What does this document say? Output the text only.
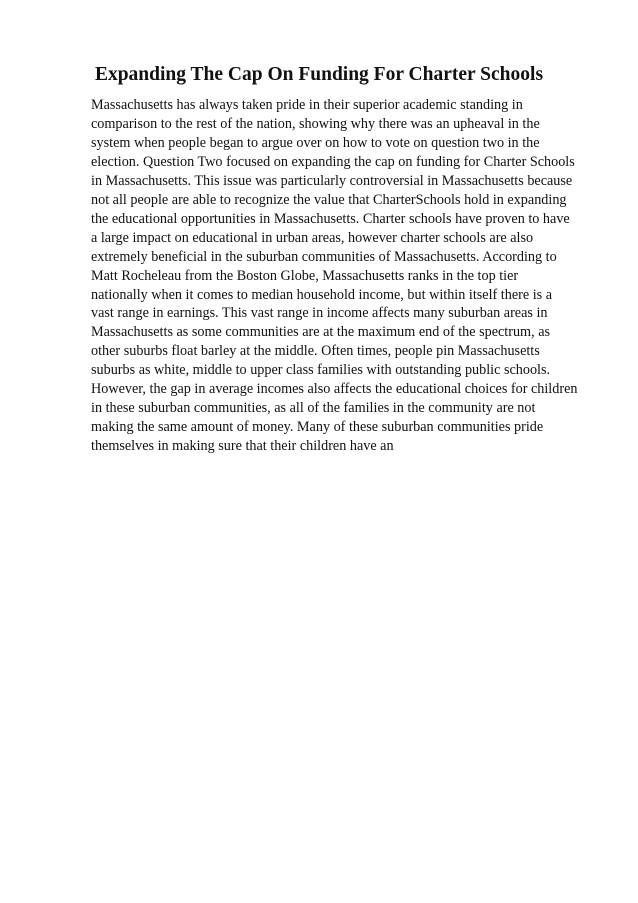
Expanding The Cap On Funding For Charter Schools
Massachusetts has always taken pride in their superior academic standing in
comparison to the rest of the nation, showing why there was an upheaval in the
system when people began to argue over on how to vote on question two in the
election. Question Two focused on expanding the cap on funding for Charter Schools
in Massachusetts. This issue was particularly controversial in Massachusetts because
not all people are able to recognize the value that CharterSchools hold in expanding
the educational opportunities in Massachusetts. Charter schools have proven to have
a large impact on educational in urban areas, however charter schools are also
extremely beneficial in the suburban communities of Massachusetts. According to
Matt Rocheleau from the Boston Globe, Massachusetts ranks in the top tier
nationally when it comes to median household income, but within itself there is a
vast range in earnings. This vast range in income affects many suburban areas in
Massachusetts as some communities are at the maximum end of the spectrum, as
other suburbs float barley at the middle. Often times, people pin Massachusetts
suburbs as white, middle to upper class families with outstanding public schools.
However, the gap in average incomes also affects the educational choices for children
in these suburban communities, as all of the families in the community are not
making the same amount of money. Many of these suburban communities pride
themselves in making sure that their children have an
